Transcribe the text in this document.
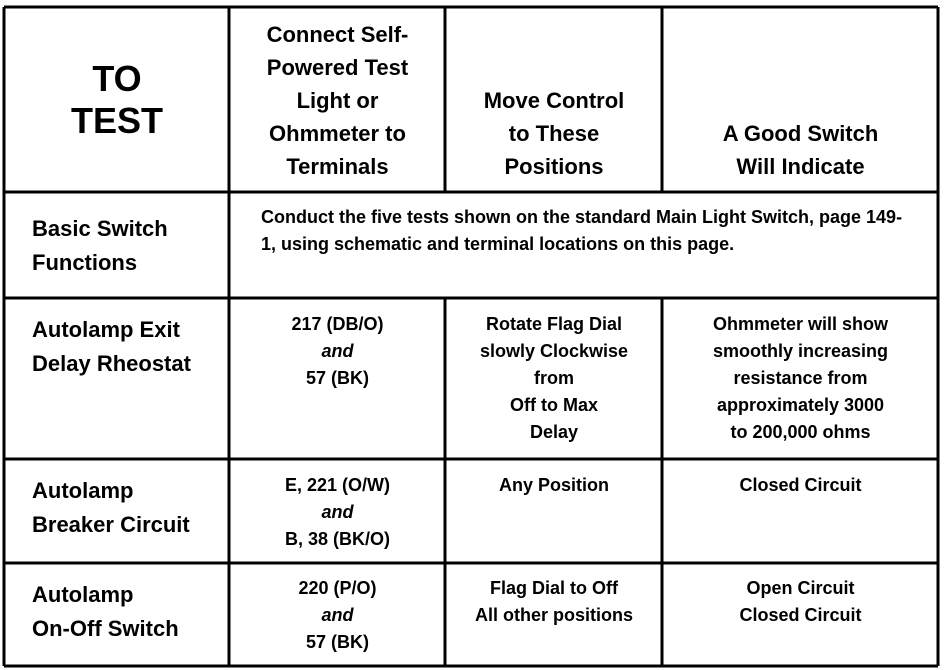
TO
TEST
Connect Self-
Powered Test
Light or
Ohmmeter to
Terminals
Move Control
to These
Positions
A Good Switch
Will Indicate
Basic Switch
Functions
Conduct the five tests shown on the standard Main Light Switch, page 149-1, using schematic and terminal locations on this page.
Autolamp Exit
Delay Rheostat
217 (DB/O)
and
57 (BK)
Rotate Flag Dial
slowly Clockwise
from
Off to Max
Delay
Ohmmeter will show
smoothly increasing
resistance from
approximately 3000
to 200,000 ohms
Autolamp
Breaker Circuit
E, 221 (O/W)
and
B, 38 (BK/O)
Any Position	Closed Circuit
Autolamp
On-Off Switch
220 (P/O)
and
57 (BK)
Flag Dial to Off
All other positions
Open Circuit
Closed Circuit
